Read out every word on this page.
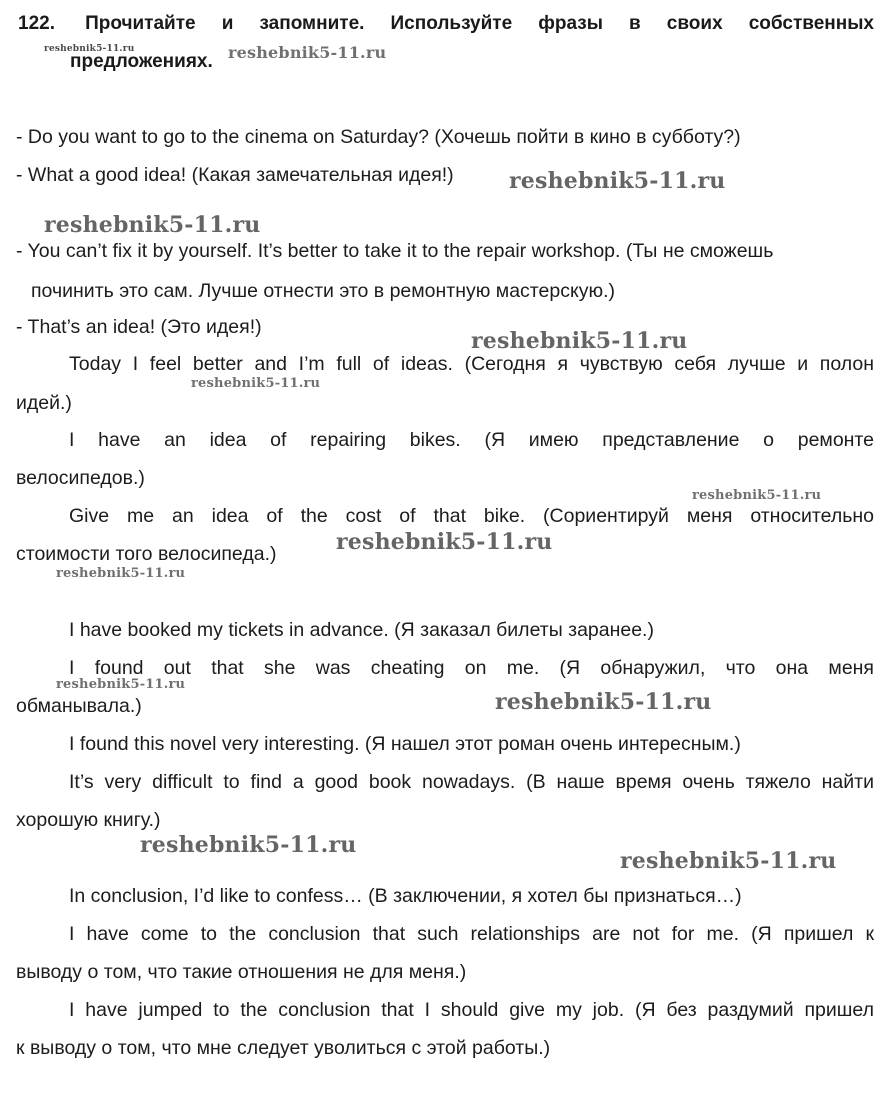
122. Прочитайте и запомните. Используйте фразы в своих собственных
предложениях.
- Do you want to go to the cinema on Saturday? (Хочешь пойти в кино в субботу?)
- What a good idea! (Какая замечательная идея!)
- You can’t fix it by yourself. It’s better to take it to the repair workshop. (Ты не сможешь
починить это сам. Лучше отнести это в ремонтную мастерскую.)
- That’s an idea! (Это идея!)
Today I feel better and I’m full of ideas. (Сегодня я чувствую себя лучше и полон
идей.)
I have an idea of repairing bikes. (Я имею представление о ремонте
велосипедов.)
Give me an idea of the cost of that bike. (Сориентируй меня относительно
стоимости того велосипеда.)
I have booked my tickets in advance. (Я заказал билеты заранее.)
I found out that she was cheating on me. (Я обнаружил, что она меня
обманывала.)
I found this novel very interesting. (Я нашел этот роман очень интересным.)
It’s very difficult to find a good book nowadays. (В наше время очень тяжело найти
хорошую книгу.)
In conclusion, I’d like to confess… (В заключении, я хотел бы признаться…)
I have come to the conclusion that such relationships are not for me. (Я пришел к
выводу о том, что такие отношения не для меня.)
I have jumped to the conclusion that I should give my job. (Я без раздумий пришел
к выводу о том, что мне следует уволиться с этой работы.)
reshebnik5-11.ru	reshebnik5-11.ru
reshebnik5-11.ru
reshebnik5-11.ru
reshebnik5-11.ru
reshebnik5-11.ru
reshebnik5-11.ru
reshebnik5-11.ru
reshebnik5-11.ru
reshebnik5-11.ru
reshebnik5-11.ru
reshebnik5-11.ru
reshebnik5-11.ru
